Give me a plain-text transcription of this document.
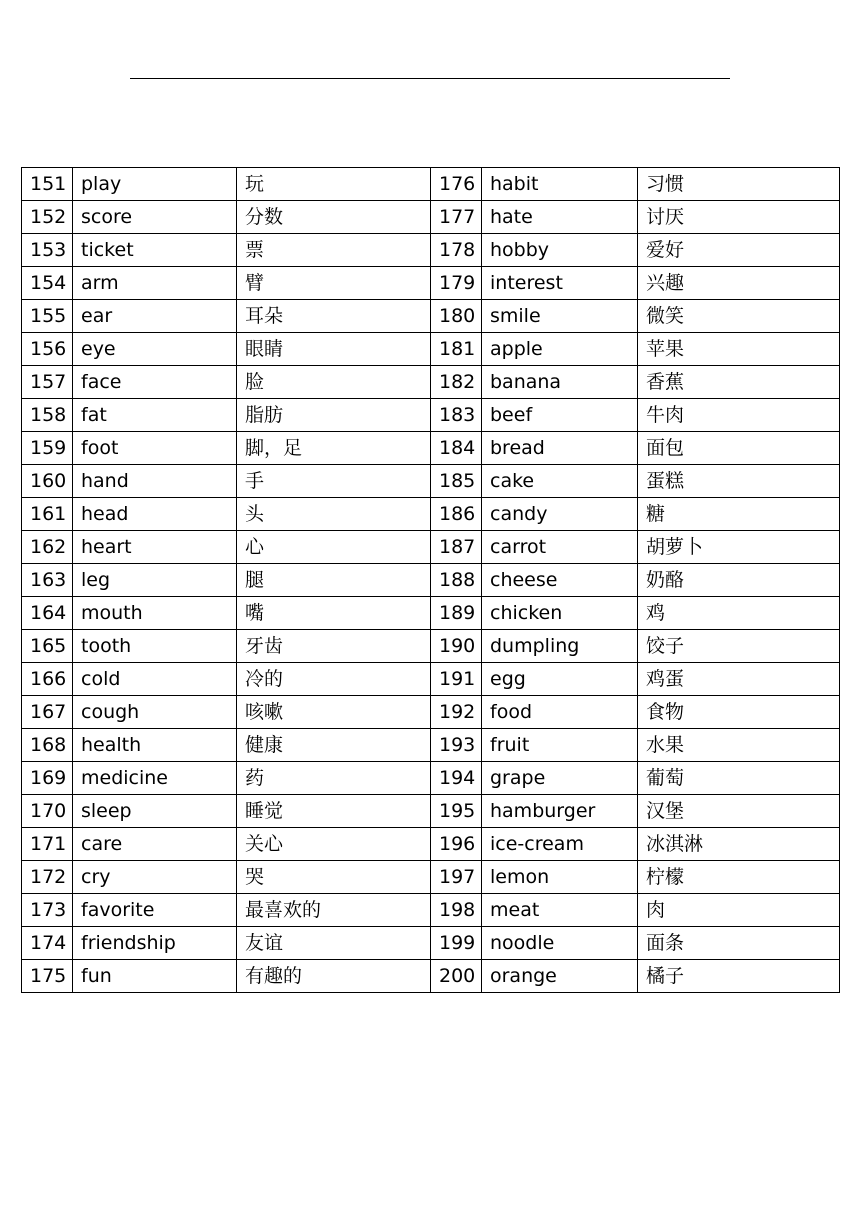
151	play	玩	176	habit	习惯
152	score	分数	177	hate	讨厌
153	ticket	票	178	hobby	爱好
154	arm	臂	179	interest	兴趣
155	ear	耳朵	180	smile	微笑
156	eye	眼睛	181	apple	苹果
157	face	脸	182	banana	香蕉
158	fat	脂肪	183	beef	牛肉
159	foot	脚，足	184	bread	面包
160	hand	手	185	cake	蛋糕
161	head	头	186	candy	糖
162	heart	心	187	carrot	胡萝卜
163	leg	腿	188	cheese	奶酪
164	mouth	嘴	189	chicken	鸡
165	tooth	牙齿	190	dumpling	饺子
166	cold	冷的	191	egg	鸡蛋
167	cough	咳嗽	192	food	食物
168	health	健康	193	fruit	水果
169	medicine	药	194	grape	葡萄
170	sleep	睡觉	195	hamburger	汉堡
171	care	关心	196	ice-cream	冰淇淋
172	cry	哭	197	lemon	柠檬
173	favorite	最喜欢的	198	meat	肉
174	friendship	友谊	199	noodle	面条
175	fun	有趣的	200	orange	橘子
